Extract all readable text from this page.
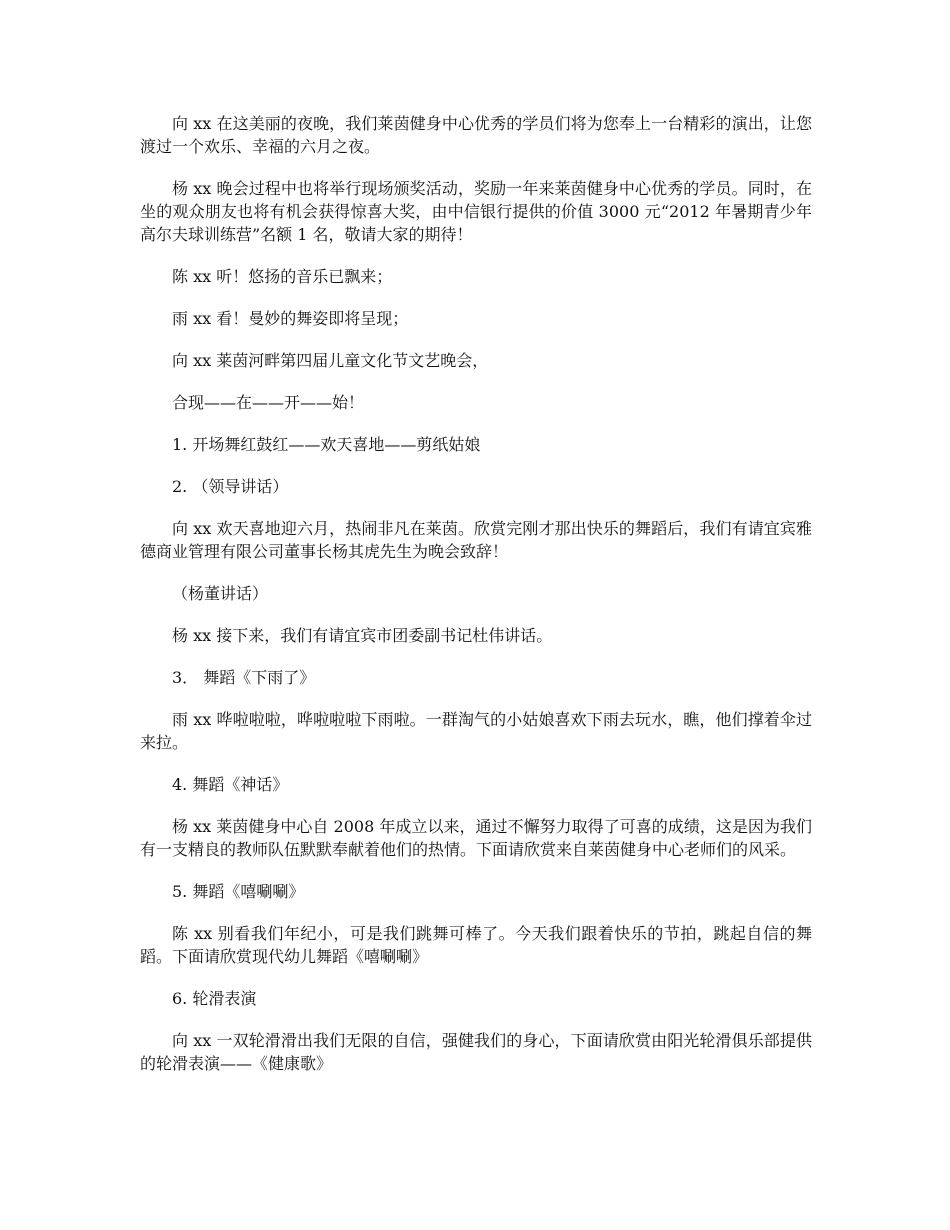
向 xx 在这美丽的夜晚，我们莱茵健身中心优秀的学员们将为您奉上一台精彩的演出，让您渡过一个欢乐、幸福的六月之夜。

杨 xx 晚会过程中也将举行现场颁奖活动，奖励一年来莱茵健身中心优秀的学员。同时，在坐的观众朋友也将有机会获得惊喜大奖，由中信银行提供的价值 3000 元“2012 年暑期青少年高尔夫球训练营”名额 1 名，敬请大家的期待！

陈 xx 听！悠扬的音乐已飘来；

雨 xx 看！曼妙的舞姿即将呈现；

向 xx 莱茵河畔第四届儿童文化节文艺晚会，

合现——在——开——始！

1. 开场舞红鼓红——欢天喜地——剪纸姑娘

2. （领导讲话）

向 xx 欢天喜地迎六月，热闹非凡在莱茵。欣赏完刚才那出快乐的舞蹈后，我们有请宜宾雅德商业管理有限公司董事长杨其虎先生为晚会致辞！

（杨董讲话）

杨 xx 接下来，我们有请宜宾市团委副书记杜伟讲话。

3． 舞蹈《下雨了》

雨 xx 哗啦啦啦，哗啦啦啦下雨啦。一群淘气的小姑娘喜欢下雨去玩水，瞧，他们撑着伞过来拉。

4. 舞蹈《神话》

杨 xx 莱茵健身中心自 2008 年成立以来，通过不懈努力取得了可喜的成绩，这是因为我们有一支精良的教师队伍默默奉献着他们的热情。下面请欣赏来自莱茵健身中心老师们的风采。

5. 舞蹈《嘻唰唰》

陈 xx 别看我们年纪小，可是我们跳舞可棒了。今天我们跟着快乐的节拍，跳起自信的舞蹈。下面请欣赏现代幼儿舞蹈《嘻唰唰》

6. 轮滑表演

向 xx 一双轮滑滑出我们无限的自信，强健我们的身心，下面请欣赏由阳光轮滑俱乐部提供的轮滑表演——《健康歌》
